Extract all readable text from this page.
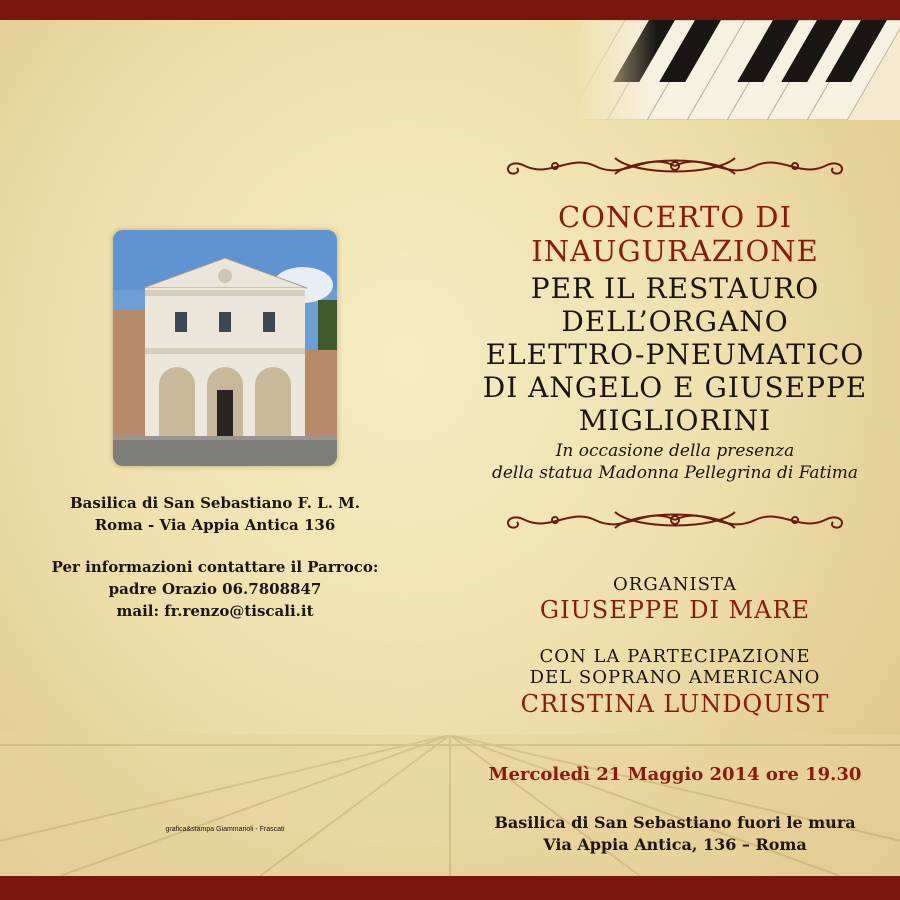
Basilica di San Sebastiano F. L. M.
Roma - Via Appia Antica 136
Per informazioni contattare il Parroco:
padre Orazio 06.7808847
mail: fr.renzo@tiscali.it
grafica&stampa Giammarioli - Frascati
CONCERTO DI
INAUGURAZIONE
PER IL RESTAURO
DELL’ORGANO
ELETTRO-PNEUMATICO
DI ANGELO E GIUSEPPE
MIGLIORINI
In occasione della presenza
della statua Madonna Pellegrina di Fatima
ORGANISTA
GIUSEPPE DI MARE
CON LA PARTECIPAZIONE
DEL SOPRANO AMERICANO
CRISTINA LUNDQUIST
Mercoledì 21 Maggio 2014 ore 19.30
Basilica di San Sebastiano fuori le mura
Via Appia Antica, 136 – Roma
